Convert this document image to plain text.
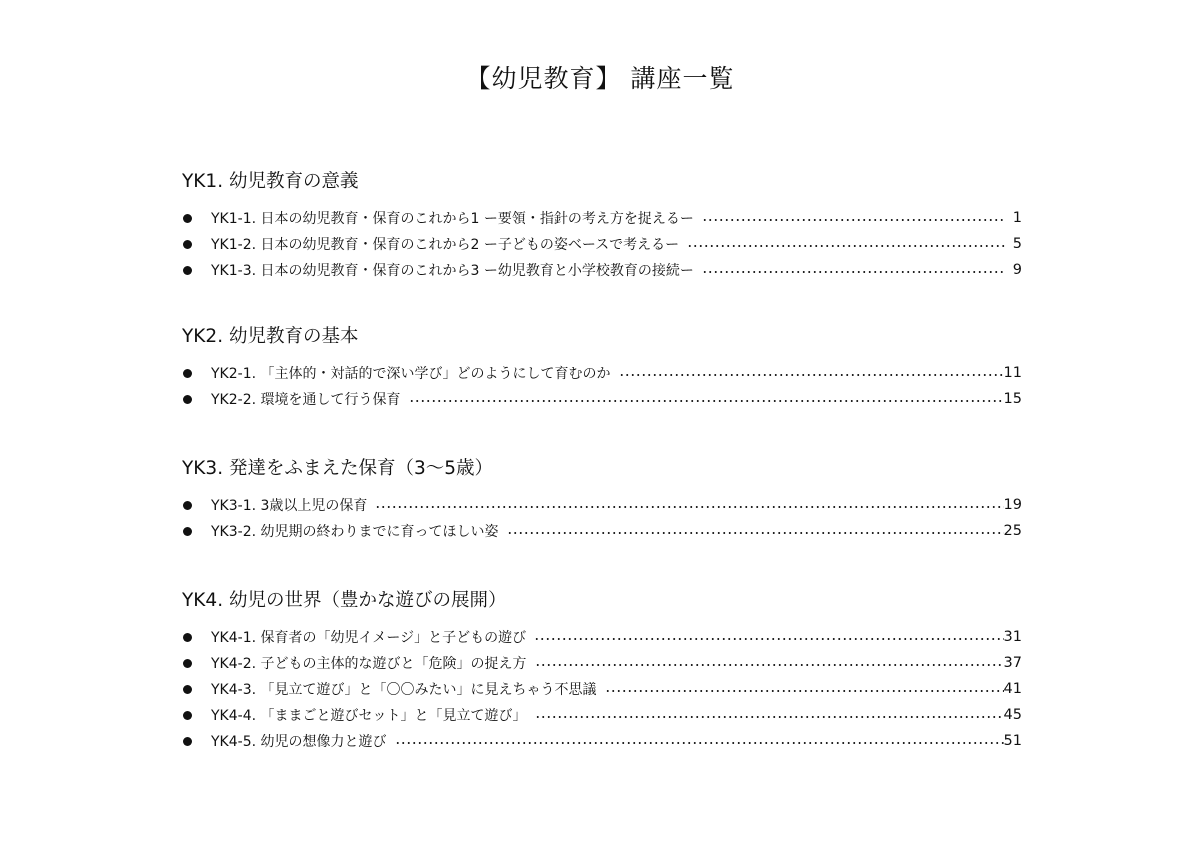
【幼児教育】 講座一覧
YK1. 幼児教育の意義
YK1-1. 日本の幼児教育・保育のこれから1 ー要領・指針の考え方を捉えるー	1
YK1-2. 日本の幼児教育・保育のこれから2 ー子どもの姿ベースで考えるー	5
YK1-3. 日本の幼児教育・保育のこれから3 ー幼児教育と小学校教育の接続ー	9
YK2. 幼児教育の基本
YK2-1. 「主体的・対話的で深い学び」どのようにして育むのか	11
YK2-2. 環境を通して行う保育	15
YK3. 発達をふまえた保育（3～5歳）
YK3-1. 3歳以上児の保育	19
YK3-2. 幼児期の終わりまでに育ってほしい姿	25
YK4. 幼児の世界（豊かな遊びの展開）
YK4-1. 保育者の「幼児イメージ」と子どもの遊び	31
YK4-2. 子どもの主体的な遊びと「危険」の捉え方	37
YK4-3. 「見立て遊び」と「〇〇みたい」に見えちゃう不思議	41
YK4-4. 「ままごと遊びセット」と「見立て遊び」	45
YK4-5. 幼児の想像力と遊び	51
